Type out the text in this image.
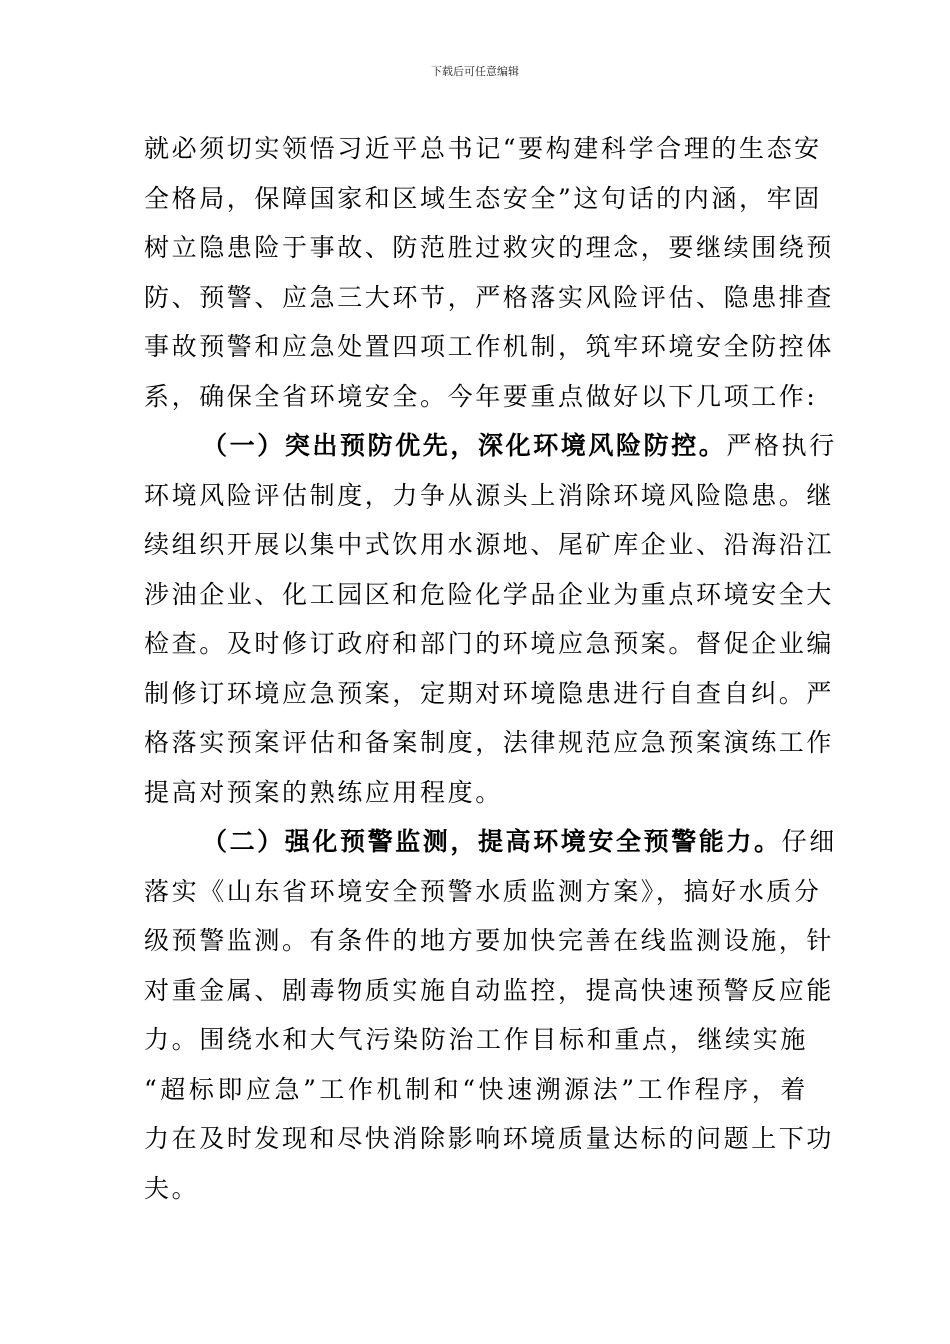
下载后可任意编辑
就必须切实领悟习近平总书记“要构建科学合理的生态安
全格局，保障国家和区域生态安全”这句话的内涵，牢固
树立隐患险于事故、防范胜过救灾的理念，要继续围绕预
防、预警、应急三大环节，严格落实风险评估、隐患排查
事故预警和应急处置四项工作机制，筑牢环境安全防控体
系，确保全省环境安全。今年要重点做好以下几项工作:
（一）突出预防优先，深化环境风险防控。严格执行
环境风险评估制度，力争从源头上消除环境风险隐患。继
续组织开展以集中式饮用水源地、尾矿库企业、沿海沿江
涉油企业、化工园区和危险化学品企业为重点环境安全大
检查。及时修订政府和部门的环境应急预案。督促企业编
制修订环境应急预案，定期对环境隐患进行自查自纠。严
格落实预案评估和备案制度，法律规范应急预案演练工作
提高对预案的熟练应用程度。
（二）强化预警监测，提高环境安全预警能力。仔细
落实《山东省环境安全预警水质监测方案》，搞好水质分
级预警监测。有条件的地方要加快完善在线监测设施，针
对重金属、剧毒物质实施自动监控，提高快速预警反应能
力。围绕水和大气污染防治工作目标和重点，继续实施
“超标即应急”工作机制和“快速溯源法”工作程序，着
力在及时发现和尽快消除影响环境质量达标的问题上下功
夫。
